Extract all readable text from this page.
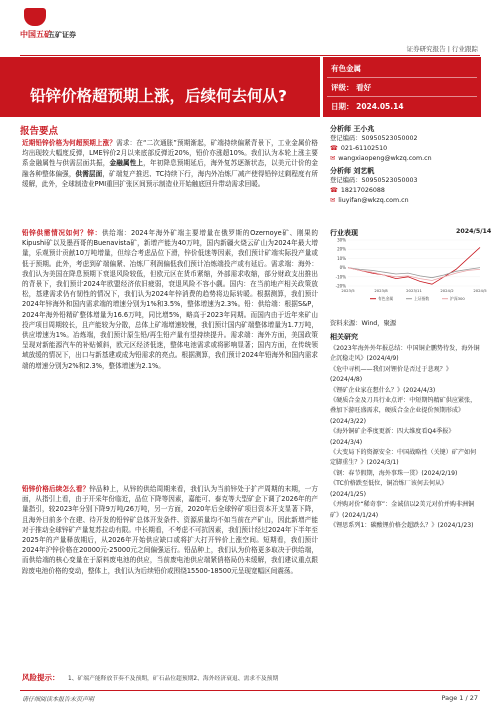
中国五矿
五矿证券
证券研究报告 | 行业跟踪
铅锌价格超预期上涨，后续何去何从?
有色金属
评级： 看好
日期： 2024.05.14
报告要点
近期铅锌价格为何超预期上涨？需求：在“二次通胀”预期渐起，矿端持续偏紧背景下，工业金属价格均出现较大幅度反弹，LME锌价2月以来底部反弹近20%，铅价亦涨超10%。我们认为本轮上涨主要系金融属性与供需层面共振，金融属性上，年初降息预期延后，海外复苏逐渐状态，以美元计价的金融各种整体偏强，供需层面，矿端复产推迟、TC持续下行，海内外冶炼厂减产使得铅锌过剩程度有所缓解，此外，全球制造业PMI重回扩张区间预示制造业开始触底回升带动需求回暖。
铅锌供需情况如何？锌：供给端：2024年海外矿端主要增量在俄罗斯的Ozernoye矿、刚果的Kipushi矿以及墨西哥的Buenavista矿，新增产能为40万吨，国内新疆火烧云矿山为2024年最大增量，乐观预计贡献10万吨增量，但综合考虑品位下滑，锌价低迷等因素，我们预计矿端实际投产量或低于预期。此外，考虑到矿端偏紧、冶炼厂利润偏低我们预计冶炼端投产或有延后。需求端：海外：我们认为美国在降息预期下衰退风险较低，但欧元区在货币紧缩，外部需求收缩，部分财政支出推出的背景下，我们预计2024年欧盟经济依旧疲弱，衰退风险不容小觑。国内：在当前地产相关政策放松，基建需求仍有韧性的情况下，我们认为2024年锌消费的趋势将边际转暖。根据测算，我们预计2024年锌海外和国内需求端的增速分别为1%和3.5%，整体增速为2.3%。铅：供给端：根据S&P，2024年海外铅精矿整体增量为16.6万吨，同比增5%，略高于2023年同期。而国内由于近年来矿山投产项目周期较长，且产能较为分散，总体上矿端增速较慢，我们预计国内矿端整体增量为1.7万吨，供应增速为1%。冶炼端，我们预计原生铅/再生铅产量有望持续提升。需求端：海外方面，美国政策呈现对新能源汽车的补贴倾斜，欧元区经济低迷，整体电池需求或将影响显著；国内方面，在传统领域放缓的情况下，出口与新基建或成为铅需求的亮点。根据测算，我们预计2024年铅海外和国内需求端的增速分别为2%和2.3%，整体增速为2.1%。
铅锌价格后续怎么看？锌品种上，从锌的供给周期来看，我们认为当前锌处于扩产周期的末期，一方面，从指引上看，由于开采年份临近，品位下降等因素，嘉能可、泰克等大型矿企下调了2026年的产量指引，较2023年分别下降9万吨/26万吨，另一方面，2020年后全球锌矿项目资本开支显著下降，且海外目前多个在建、待开发的铅锌矿总体开发条件、资源质量均不如当前在产矿山，因此新增产能对于推动全球锌矿产量复苏拉动有限。中长期看，不考虑不可抗因素，我们预计经过2024年下半年至2025年的产量释放期后，从2026年开始供应缺口或将扩大打开锌价上涨空间。短期看，我们预计2024年沪锌价格在20000元-25000元之间偏强运行。铅品种上，我们认为价格更多取决于供给端，而供给端的核心变量在于原料废电池的供应，当前废电池供应端紧俏格局仍未缓解，我们建议重点跟踪废电池价格的变动，整体上，我们认为后续铅价或围绕15500-18500元呈现宽幅区间震荡。
分析师 王小兆
登记编码：S0950523050002
☎ 021-61102510
✉ wangxiaopeng@wkzq.com.cn
分析师 刘艺帆
登记编码：S0950523050003
☎ 18217026088
✉ liuyifan@wkzq.com.cn
行业表现	2024/5/14
30%
20%
10%
0%
-10%
-20%
2023/5	2023/8	2023/11	2024/2	2024/5
有色金属	上证指数	沪深300
资料来源：Wind，聚源
相关研究
《2023年海外外年报总结：中国铜企鹏势待发，海外铜企沉稳走风》(2024/4/9)
《危中寻机——我们对锂价是否过于悲观？》(2024/4/8)
《锂矿企业家在想什么？》(2024/4/3)
《硬质合金及刀具行业点评：中短期钨精矿供应紧张，叠加下游旺盛需求，硬质合金企业提价预期形成》(2024/3/22)
《海外铜矿企季度更新：四大维度看Q4季报》(2024/3/4)
《大变局下的资源安全：中国战略性（关键）矿产如何定脚重生？》(2024/3/1)
《钢：春节假期，海外事珠一贯》(2024/2/19)
《TC价格跌至低位，铜冶炼厂该何去何从》(2024/1/25)
《并购对价“稀奇事”：金诚信以2美元对价并购非洲铜矿》(2024/1/24)
《锂思系列1：碳酸锂价格会超跌么？》(2024/1/23)
风险提示： 1、矿端产能释放节奏不及预期，矿石品位超预期2、海外经济衰退、需求不及预期
请仔细阅读本报告末页声明	Page 1 / 27
